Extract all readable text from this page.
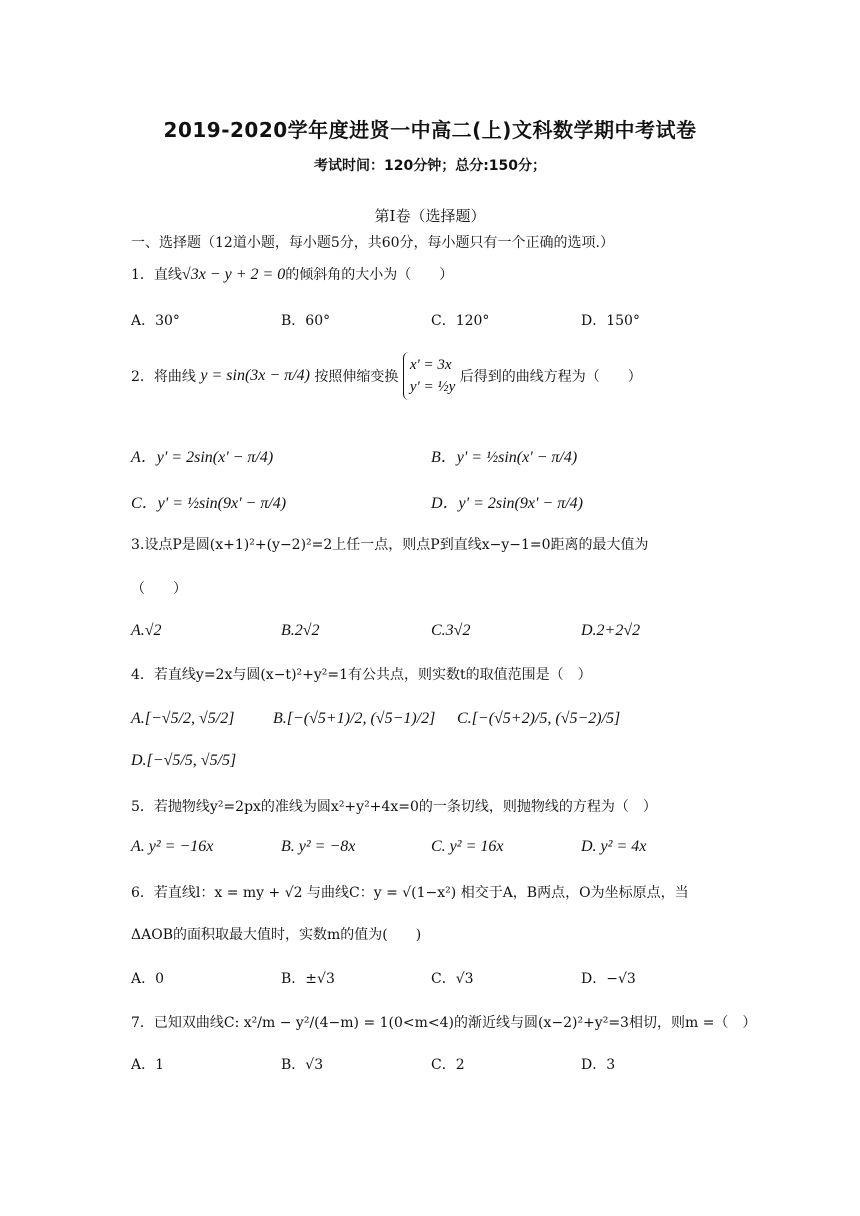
2019-2020学年度进贤一中高二(上)文科数学期中考试卷
考试时间：120分钟；总分:150分；
第Ⅰ卷（选择题）
一、选择题（12道小题，每小题5分，共60分，每小题只有一个正确的选项.）
1．直线√3x − y + 2 = 0的倾斜角的大小为（　　）
A．30°	B．60°	C．120°	D．150°
2．将曲线 y = sin(3x − π/4) 按照伸缩变换
x' = 3x
y' = ½y
后得到的曲线方程为（　　）
A．y' = 2sin(x' − π/4)	B．y' = ½sin(x' − π/4)
C．y' = ½sin(9x' − π/4)	D．y' = 2sin(9x' − π/4)
3.设点P是圆(x+1)²+(y−2)²=2上任一点，则点P到直线x−y−1=0距离的最大值为
（　　）
A.√2	B.2√2	C.3√2	D.2+2√2
4．若直线y=2x与圆(x−t)²+y²=1有公共点，则实数t的取值范围是（　）
A.[−√5/2, √5/2] B.[−(√5+1)/2, (√5−1)/2] C.[−(√5+2)/5, (√5−2)/5]
D.[−√5/5, √5/5]
5．若抛物线y²=2px的准线为圆x²+y²+4x=0的一条切线，则抛物线的方程为（　）
A. y² = −16x	B. y² = −8x	C. y² = 16x	D. y² = 4x
6．若直线l：x = my + √2 与曲线C：y = √(1−x²) 相交于A，B两点，O为坐标原点，当
ΔAOB的面积取最大值时，实数m的值为(　　)
A．0	B．±√3	C．√3	D．−√3
7．已知双曲线C: x²/m − y²/(4−m) = 1(0<m<4)的渐近线与圆(x−2)²+y²=3相切，则m =（　）
A．1	B．√3	C．2	D．3
